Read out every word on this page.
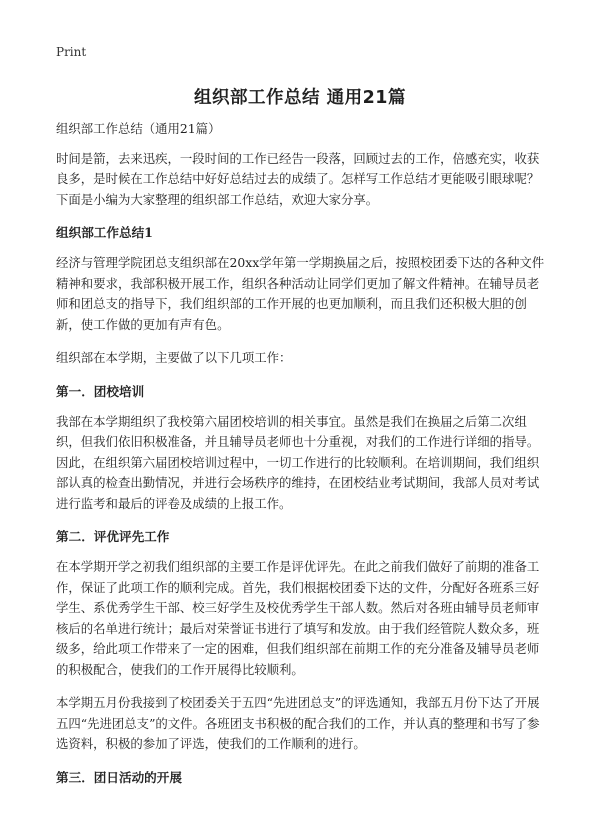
Print
组织部工作总结 通用21篇
组织部工作总结（通用21篇）

时间是箭，去来迅疾，一段时间的工作已经告一段落，回顾过去的工作，倍感充实，收获良多，是时候在工作总结中好好总结过去的成绩了。怎样写工作总结才更能吸引眼球呢？下面是小编为大家整理的组织部工作总结，欢迎大家分享。

组织部工作总结1

经济与管理学院团总支组织部在20xx学年第一学期换届之后，按照校团委下达的各种文件精神和要求，我部积极开展工作，组织各种活动让同学们更加了解文件精神。在辅导员老师和团总支的指导下，我们组织部的工作开展的也更加顺利，而且我们还积极大胆的创新，使工作做的更加有声有色。

组织部在本学期，主要做了以下几项工作：

第一．团校培训

我部在本学期组织了我校第六届团校培训的相关事宜。虽然是我们在换届之后第二次组织，但我们依旧积极准备，并且辅导员老师也十分重视，对我们的工作进行详细的指导。因此，在组织第六届团校培训过程中，一切工作进行的比较顺利。在培训期间，我们组织部认真的检查出勤情况，并进行会场秩序的维持，在团校结业考试期间，我部人员对考试进行监考和最后的评卷及成绩的上报工作。

第二．评优评先工作

在本学期开学之初我们组织部的主要工作是评优评先。在此之前我们做好了前期的准备工作，保证了此项工作的顺利完成。首先，我们根据校团委下达的文件，分配好各班系三好学生、系优秀学生干部、校三好学生及校优秀学生干部人数。然后对各班由辅导员老师审核后的名单进行统计；最后对荣誉证书进行了填写和发放。由于我们经管院人数众多，班级多，给此项工作带来了一定的困难，但我们组织部在前期工作的充分准备及辅导员老师的积极配合，使我们的工作开展得比较顺利。

本学期五月份我接到了校团委关于五四“先进团总支”的评选通知，我部五月份下达了开展五四“先进团总支”的文件。各班团支书积极的配合我们的工作，并认真的整理和书写了参选资料，积极的参加了评选，使我们的工作顺利的进行。

第三．团日活动的开展
